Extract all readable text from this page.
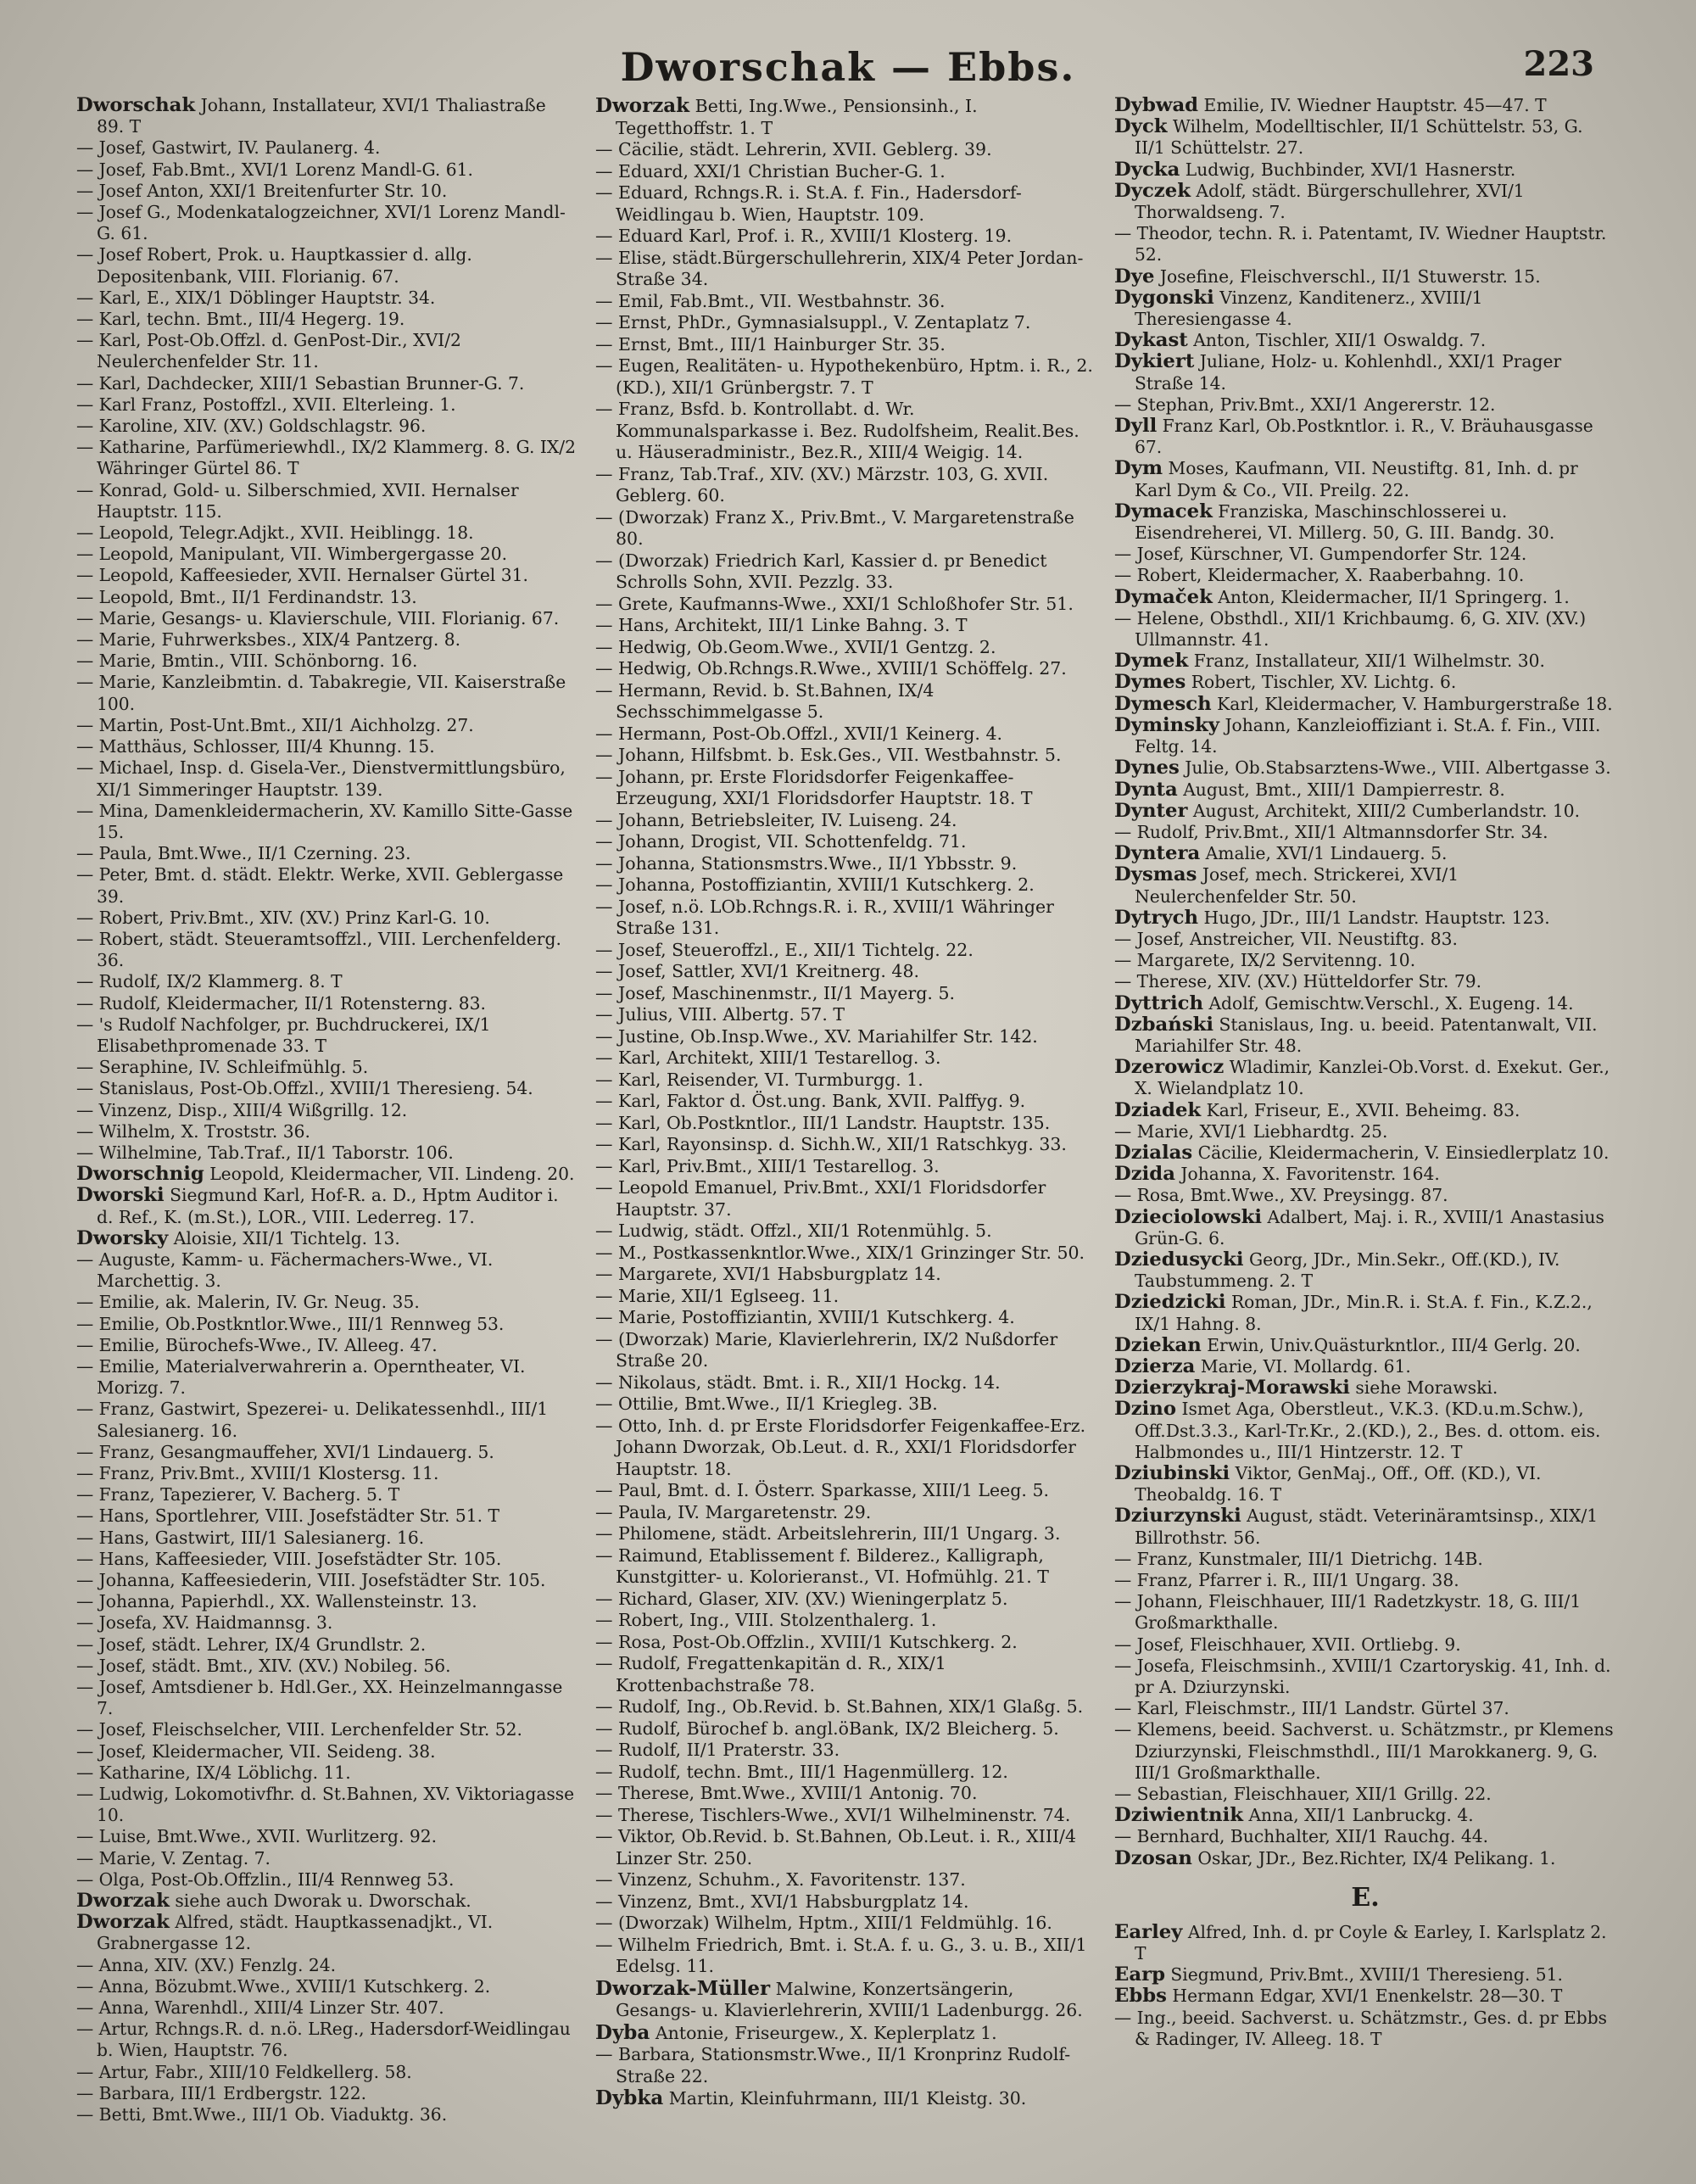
Dworschak — Ebbs.	223

Dworschak Johann, Installateur, XVI/1 Thaliastraße 89. T

— Josef, Gastwirt, IV. Paulanerg. 4.

— Josef, Fab.Bmt., XVI/1 Lorenz Mandl-G. 61.

— Josef Anton, XXI/1 Breitenfurter Str. 10.

— Josef G., Modenkatalogzeichner, XVI/1 Lorenz Mandl-G. 61.

— Josef Robert, Prok. u. Hauptkassier d. allg. Depositenbank, VIII. Florianig. 67.

— Karl, E., XIX/1 Döblinger Hauptstr. 34.

— Karl, techn. Bmt., III/4 Hegerg. 19.

— Karl, Post-Ob.Offzl. d. GenPost-Dir., XVI/2 Neulerchenfelder Str. 11.

— Karl, Dachdecker, XIII/1 Sebastian Brunner-G. 7.

— Karl Franz, Postoffzl., XVII. Elterleing. 1.

— Karoline, XIV. (XV.) Goldschlagstr. 96.

— Katharine, Parfümeriewhdl., IX/2 Klammerg. 8. G. IX/2 Währinger Gürtel 86. T

— Konrad, Gold- u. Silberschmied, XVII. Hernalser Hauptstr. 115.

— Leopold, Telegr.Adjkt., XVII. Heiblingg. 18.

— Leopold, Manipulant, VII. Wimbergergasse 20.

— Leopold, Kaffeesieder, XVII. Hernalser Gürtel 31.

— Leopold, Bmt., II/1 Ferdinandstr. 13.

— Marie, Gesangs- u. Klavierschule, VIII. Florianig. 67.

— Marie, Fuhrwerksbes., XIX/4 Pantzerg. 8.

— Marie, Bmtin., VIII. Schönborng. 16.

— Marie, Kanzleibmtin. d. Tabakregie, VII. Kaiserstraße 100.

— Martin, Post-Unt.Bmt., XII/1 Aichholzg. 27.

— Matthäus, Schlosser, III/4 Khunng. 15.

— Michael, Insp. d. Gisela-Ver., Dienstvermittlungsbüro, XI/1 Simmeringer Hauptstr. 139.

— Mina, Damenkleidermacherin, XV. Kamillo Sitte-Gasse 15.

— Paula, Bmt.Wwe., II/1 Czerning. 23.

— Peter, Bmt. d. städt. Elektr. Werke, XVII. Geblergasse 39.

— Robert, Priv.Bmt., XIV. (XV.) Prinz Karl-G. 10.

— Robert, städt. Steueramtsoffzl., VIII. Lerchenfelderg. 36.

— Rudolf, IX/2 Klammerg. 8. T

— Rudolf, Kleidermacher, II/1 Rotensterng. 83.

— 's Rudolf Nachfolger, pr. Buchdruckerei, IX/1 Elisabethpromenade 33. T

— Seraphine, IV. Schleifmühlg. 5.

— Stanislaus, Post-Ob.Offzl., XVIII/1 Theresieng. 54.

— Vinzenz, Disp., XIII/4 Wißgrillg. 12.

— Wilhelm, X. Troststr. 36.

— Wilhelmine, Tab.Traf., II/1 Taborstr. 106.

Dworschnig Leopold, Kleidermacher, VII. Lindeng. 20.

Dworski Siegmund Karl, Hof-R. a. D., Hptm Auditor i. d. Ref., K. (m.St.), LOR., VIII. Lederreg. 17.

Dworsky Aloisie, XII/1 Tichtelg. 13.

— Auguste, Kamm- u. Fächermachers-Wwe., VI. Marchettig. 3.

— Emilie, ak. Malerin, IV. Gr. Neug. 35.

— Emilie, Ob.Postkntlor.Wwe., III/1 Rennweg 53.

— Emilie, Bürochefs-Wwe., IV. Alleeg. 47.

— Emilie, Materialverwahrerin a. Operntheater, VI. Morizg. 7.

— Franz, Gastwirt, Spezerei- u. Delikatessenhdl., III/1 Salesianerg. 16.

— Franz, Gesangmauffeher, XVI/1 Lindauerg. 5.

— Franz, Priv.Bmt., XVIII/1 Klostersg. 11.

— Franz, Tapezierer, V. Bacherg. 5. T

— Hans, Sportlehrer, VIII. Josefstädter Str. 51. T

— Hans, Gastwirt, III/1 Salesianerg. 16.

— Hans, Kaffeesieder, VIII. Josefstädter Str. 105.

— Johanna, Kaffeesiederin, VIII. Josefstädter Str. 105.

— Johanna, Papierhdl., XX. Wallensteinstr. 13.

— Josefa, XV. Haidmannsg. 3.

— Josef, städt. Lehrer, IX/4 Grundlstr. 2.

— Josef, städt. Bmt., XIV. (XV.) Nobileg. 56.

— Josef, Amtsdiener b. Hdl.Ger., XX. Heinzelmanngasse 7.

— Josef, Fleischselcher, VIII. Lerchenfelder Str. 52.

— Josef, Kleidermacher, VII. Seideng. 38.

— Katharine, IX/4 Löblichg. 11.

— Ludwig, Lokomotivfhr. d. St.Bahnen, XV. Viktoriagasse 10.

— Luise, Bmt.Wwe., XVII. Wurlitzerg. 92.

— Marie, V. Zentag. 7.

— Olga, Post-Ob.Offzlin., III/4 Rennweg 53.

Dworzak siehe auch Dworak u. Dworschak.

Dworzak Alfred, städt. Hauptkassenadjkt., VI. Grabnergasse 12.

— Anna, XIV. (XV.) Fenzlg. 24.

— Anna, Bözubmt.Wwe., XVIII/1 Kutschkerg. 2.

— Anna, Warenhdl., XIII/4 Linzer Str. 407.

— Artur, Rchngs.R. d. n.ö. LReg., Hadersdorf-Weidlingau b. Wien, Hauptstr. 76.

— Artur, Fabr., XIII/10 Feldkellerg. 58.

— Barbara, III/1 Erdbergstr. 122.

— Betti, Bmt.Wwe., III/1 Ob. Viaduktg. 36.

Dworzak Betti, Ing.Wwe., Pensionsinh., I. Tegetthoffstr. 1. T

— Cäcilie, städt. Lehrerin, XVII. Geblerg. 39.

— Eduard, XXI/1 Christian Bucher-G. 1.

— Eduard, Rchngs.R. i. St.A. f. Fin., Hadersdorf-Weidlingau b. Wien, Hauptstr. 109.

— Eduard Karl, Prof. i. R., XVIII/1 Klosterg. 19.

— Elise, städt.Bürgerschullehrerin, XIX/4 Peter Jordan-Straße 34.

— Emil, Fab.Bmt., VII. Westbahnstr. 36.

— Ernst, PhDr., Gymnasialsuppl., V. Zentaplatz 7.

— Ernst, Bmt., III/1 Hainburger Str. 35.

— Eugen, Realitäten- u. Hypothekenbüro, Hptm. i. R., 2. (KD.), XII/1 Grünbergstr. 7. T

— Franz, Bsfd. b. Kontrollabt. d. Wr. Kommunalsparkasse i. Bez. Rudolfsheim, Realit.Bes. u. Häuseradministr., Bez.R., XIII/4 Weigig. 14.

— Franz, Tab.Traf., XIV. (XV.) Märzstr. 103, G. XVII. Geblerg. 60.

— (Dworzak) Franz X., Priv.Bmt., V. Margaretenstraße 80.

— (Dworzak) Friedrich Karl, Kassier d. pr Benedict Schrolls Sohn, XVII. Pezzlg. 33.

— Grete, Kaufmanns-Wwe., XXI/1 Schloßhofer Str. 51.

— Hans, Architekt, III/1 Linke Bahng. 3. T

— Hedwig, Ob.Geom.Wwe., XVII/1 Gentzg. 2.

— Hedwig, Ob.Rchngs.R.Wwe., XVIII/1 Schöffelg. 27.

— Hermann, Revid. b. St.Bahnen, IX/4 Sechsschimmelgasse 5.

— Hermann, Post-Ob.Offzl., XVII/1 Keinerg. 4.

— Johann, Hilfsbmt. b. Esk.Ges., VII. Westbahnstr. 5.

— Johann, pr. Erste Floridsdorfer Feigenkaffee-Erzeugung, XXI/1 Floridsdorfer Hauptstr. 18. T

— Johann, Betriebsleiter, IV. Luiseng. 24.

— Johann, Drogist, VII. Schottenfeldg. 71.

— Johanna, Stationsmstrs.Wwe., II/1 Ybbsstr. 9.

— Johanna, Postoffiziantin, XVIII/1 Kutschkerg. 2.

— Josef, n.ö. LOb.Rchngs.R. i. R., XVIII/1 Währinger Straße 131.

— Josef, Steueroffzl., E., XII/1 Tichtelg. 22.

— Josef, Sattler, XVI/1 Kreitnerg. 48.

— Josef, Maschinenmstr., II/1 Mayerg. 5.

— Julius, VIII. Albertg. 57. T

— Justine, Ob.Insp.Wwe., XV. Mariahilfer Str. 142.

— Karl, Architekt, XIII/1 Testarellog. 3.

— Karl, Reisender, VI. Turmburgg. 1.

— Karl, Faktor d. Öst.ung. Bank, XVII. Palffyg. 9.

— Karl, Ob.Postkntlor., III/1 Landstr. Hauptstr. 135.

— Karl, Rayonsinsp. d. Sichh.W., XII/1 Ratschkyg. 33.

— Karl, Priv.Bmt., XIII/1 Testarellog. 3.

— Leopold Emanuel, Priv.Bmt., XXI/1 Floridsdorfer Hauptstr. 37.

— Ludwig, städt. Offzl., XII/1 Rotenmühlg. 5.

— M., Postkassenkntlor.Wwe., XIX/1 Grinzinger Str. 50.

— Margarete, XVI/1 Habsburgplatz 14.

— Marie, XII/1 Eglseeg. 11.

— Marie, Postoffiziantin, XVIII/1 Kutschkerg. 4.

— (Dworzak) Marie, Klavierlehrerin, IX/2 Nußdorfer Straße 20.

— Nikolaus, städt. Bmt. i. R., XII/1 Hockg. 14.

— Ottilie, Bmt.Wwe., II/1 Kriegleg. 3B.

— Otto, Inh. d. pr Erste Floridsdorfer Feigenkaffee-Erz. Johann Dworzak, Ob.Leut. d. R., XXI/1 Floridsdorfer Hauptstr. 18.

— Paul, Bmt. d. I. Österr. Sparkasse, XIII/1 Leeg. 5.

— Paula, IV. Margaretenstr. 29.

— Philomene, städt. Arbeitslehrerin, III/1 Ungarg. 3.

— Raimund, Etablissement f. Bilderez., Kalligraph, Kunstgitter- u. Kolorieranst., VI. Hofmühlg. 21. T

— Richard, Glaser, XIV. (XV.) Wieningerplatz 5.

— Robert, Ing., VIII. Stolzenthalerg. 1.

— Rosa, Post-Ob.Offzlin., XVIII/1 Kutschkerg. 2.

— Rudolf, Fregattenkapitän d. R., XIX/1 Krottenbachstraße 78.

— Rudolf, Ing., Ob.Revid. b. St.Bahnen, XIX/1 Glaßg. 5.

— Rudolf, Bürochef b. angl.öBank, IX/2 Bleicherg. 5.

— Rudolf, II/1 Praterstr. 33.

— Rudolf, techn. Bmt., III/1 Hagenmüllerg. 12.

— Therese, Bmt.Wwe., XVIII/1 Antonig. 70.

— Therese, Tischlers-Wwe., XVI/1 Wilhelminenstr. 74.

— Viktor, Ob.Revid. b. St.Bahnen, Ob.Leut. i. R., XIII/4 Linzer Str. 250.

— Vinzenz, Schuhm., X. Favoritenstr. 137.

— Vinzenz, Bmt., XVI/1 Habsburgplatz 14.

— (Dworzak) Wilhelm, Hptm., XIII/1 Feldmühlg. 16.

— Wilhelm Friedrich, Bmt. i. St.A. f. u. G., 3. u. B., XII/1 Edelsg. 11.

Dworzak-Müller Malwine, Konzertsängerin, Gesangs- u. Klavierlehrerin, XVIII/1 Ladenburgg. 26.

Dyba Antonie, Friseurgew., X. Keplerplatz 1.

— Barbara, Stationsmstr.Wwe., II/1 Kronprinz Rudolf-Straße 22.

Dybka Martin, Kleinfuhrmann, III/1 Kleistg. 30.

Dybwad Emilie, IV. Wiedner Hauptstr. 45—47. T

Dyck Wilhelm, Modelltischler, II/1 Schüttelstr. 53, G. II/1 Schüttelstr. 27.

Dycka Ludwig, Buchbinder, XVI/1 Hasnerstr.

Dyczek Adolf, städt. Bürgerschullehrer, XVI/1 Thorwaldseng. 7.

— Theodor, techn. R. i. Patentamt, IV. Wiedner Hauptstr. 52.

Dye Josefine, Fleischverschl., II/1 Stuwerstr. 15.

Dygonski Vinzenz, Kanditenerz., XVIII/1 Theresiengasse 4.

Dykast Anton, Tischler, XII/1 Oswaldg. 7.

Dykiert Juliane, Holz- u. Kohlenhdl., XXI/1 Prager Straße 14.

— Stephan, Priv.Bmt., XXI/1 Angererstr. 12.

Dyll Franz Karl, Ob.Postkntlor. i. R., V. Bräuhausgasse 67.

Dym Moses, Kaufmann, VII. Neustiftg. 81, Inh. d. pr Karl Dym & Co., VII. Preilg. 22.

Dymacek Franziska, Maschinschlosserei u. Eisendreherei, VI. Millerg. 50, G. III. Bandg. 30.

— Josef, Kürschner, VI. Gumpendorfer Str. 124.

— Robert, Kleidermacher, X. Raaberbahng. 10.

Dymaček Anton, Kleidermacher, II/1 Springerg. 1.

— Helene, Obsthdl., XII/1 Krichbaumg. 6, G. XIV. (XV.) Ullmannstr. 41.

Dymek Franz, Installateur, XII/1 Wilhelmstr. 30.

Dymes Robert, Tischler, XV. Lichtg. 6.

Dymesch Karl, Kleidermacher, V. Hamburgerstraße 18.

Dyminsky Johann, Kanzleioffiziant i. St.A. f. Fin., VIII. Feltg. 14.

Dynes Julie, Ob.Stabsarztens-Wwe., VIII. Albertgasse 3.

Dynta August, Bmt., XIII/1 Dampierrestr. 8.

Dynter August, Architekt, XIII/2 Cumberlandstr. 10.

— Rudolf, Priv.Bmt., XII/1 Altmannsdorfer Str. 34.

Dyntera Amalie, XVI/1 Lindauerg. 5.

Dysmas Josef, mech. Strickerei, XVI/1 Neulerchenfelder Str. 50.

Dytrych Hugo, JDr., III/1 Landstr. Hauptstr. 123.

— Josef, Anstreicher, VII. Neustiftg. 83.

— Margarete, IX/2 Servitenng. 10.

— Therese, XIV. (XV.) Hütteldorfer Str. 79.

Dyttrich Adolf, Gemischtw.Verschl., X. Eugeng. 14.

Dzbański Stanislaus, Ing. u. beeid. Patentanwalt, VII. Mariahilfer Str. 48.

Dzerowicz Wladimir, Kanzlei-Ob.Vorst. d. Exekut. Ger., X. Wielandplatz 10.

Dziadek Karl, Friseur, E., XVII. Beheimg. 83.

— Marie, XVI/1 Liebhardtg. 25.

Dzialas Cäcilie, Kleidermacherin, V. Einsiedlerplatz 10.

Dzida Johanna, X. Favoritenstr. 164.

— Rosa, Bmt.Wwe., XV. Preysingg. 87.

Dzieciolowski Adalbert, Maj. i. R., XVIII/1 Anastasius Grün-G. 6.

Dziedusycki Georg, JDr., Min.Sekr., Off.(KD.), IV. Taubstummeng. 2. T

Dziedzicki Roman, JDr., Min.R. i. St.A. f. Fin., K.Z.2., IX/1 Hahng. 8.

Dziekan Erwin, Univ.Quästurkntlor., III/4 Gerlg. 20.

Dzierza Marie, VI. Mollardg. 61.

Dzierzykraj-Morawski siehe Morawski.

Dzino Ismet Aga, Oberstleut., V.K.3. (KD.u.m.Schw.), Off.Dst.3.3., Karl-Tr.Kr., 2.(KD.), 2., Bes. d. ottom. eis. Halbmondes u., III/1 Hintzerstr. 12. T

Dziubinski Viktor, GenMaj., Off., Off. (KD.), VI. Theobaldg. 16. T

Dziurzynski August, städt. Veterinäramtsinsp., XIX/1 Billrothstr. 56.

— Franz, Kunstmaler, III/1 Dietrichg. 14B.

— Franz, Pfarrer i. R., III/1 Ungarg. 38.

— Johann, Fleischhauer, III/1 Radetzkystr. 18, G. III/1 Großmarkthalle.

— Josef, Fleischhauer, XVII. Ortliebg. 9.

— Josefa, Fleischmsinh., XVIII/1 Czartoryskig. 41, Inh. d. pr A. Dziurzynski.

— Karl, Fleischmstr., III/1 Landstr. Gürtel 37.

— Klemens, beeid. Sachverst. u. Schätzmstr., pr Klemens Dziurzynski, Fleischmsthdl., III/1 Marokkanerg. 9, G. III/1 Großmarkthalle.

— Sebastian, Fleischhauer, XII/1 Grillg. 22.

Dziwientnik Anna, XII/1 Lanbruckg. 4.

— Bernhard, Buchhalter, XII/1 Rauchg. 44.

Dzosan Oskar, JDr., Bez.Richter, IX/4 Pelikang. 1.

E.

Earley Alfred, Inh. d. pr Coyle & Earley, I. Karlsplatz 2. T

Earp Siegmund, Priv.Bmt., XVIII/1 Theresieng. 51.

Ebbs Hermann Edgar, XVI/1 Enenkelstr. 28—30. T

— Ing., beeid. Sachverst. u. Schätzmstr., Ges. d. pr Ebbs & Radinger, IV. Alleeg. 18. T
